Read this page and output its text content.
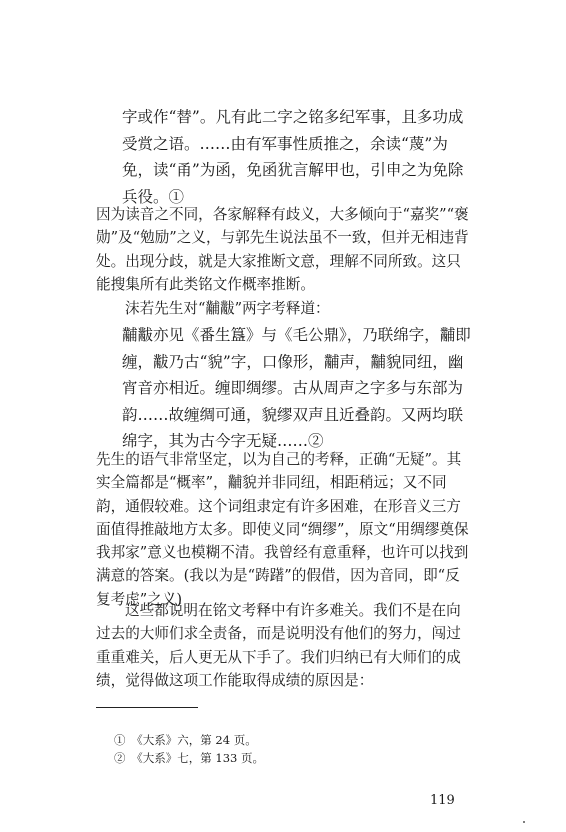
字或作“替”。凡有此二字之铭多纪军事，且多功成受赏之语。……由有军事性质推之，余读“蔑”为免，读“甬”为函，免函犹言解甲也，引申之为免除兵役。①
因为读音之不同，各家解释有歧义，大多倾向于“嘉奖”“褒勋”及“勉励”之义，与郭先生说法虽不一致，但并无相违背处。出现分歧，就是大家推断文意，理解不同所致。这只能搜集所有此类铭文作概率推断。
沫若先生对“黼黻”两字考释道：
黼黻亦见《番生簋》与《毛公鼎》，乃联绵字，黼即缠，黻乃古“貌”字，口像形，黼声，黼貌同纽，幽宵音亦相近。缠即绸缪。古从周声之字多与东部为韵……故缠绸可通，貌缪双声且近叠韵。又两均联绵字，其为古今字无疑……②
先生的语气非常坚定，以为自己的考释，正确“无疑”。其实全篇都是“概率”，黼貌并非同纽，相距稍远；又不同韵，通假较难。这个词组隶定有许多困难，在形音义三方面值得推敲地方太多。即使义同“绸缪”，原文“用绸缪奠保我邦家”意义也模糊不清。我曾经有意重释，也许可以找到满意的答案。(我以为是“踌躇”的假借，因为音同，即“反复考虑”之义)
这些都说明在铭文考释中有许多难关。我们不是在向过去的大师们求全责备，而是说明没有他们的努力，闯过重重难关，后人更无从下手了。我们归纳已有大师们的成绩，觉得做这项工作能取得成绩的原因是：
①　《大系》六，第 24 页。
②　《大系》七，第 133 页。
119
